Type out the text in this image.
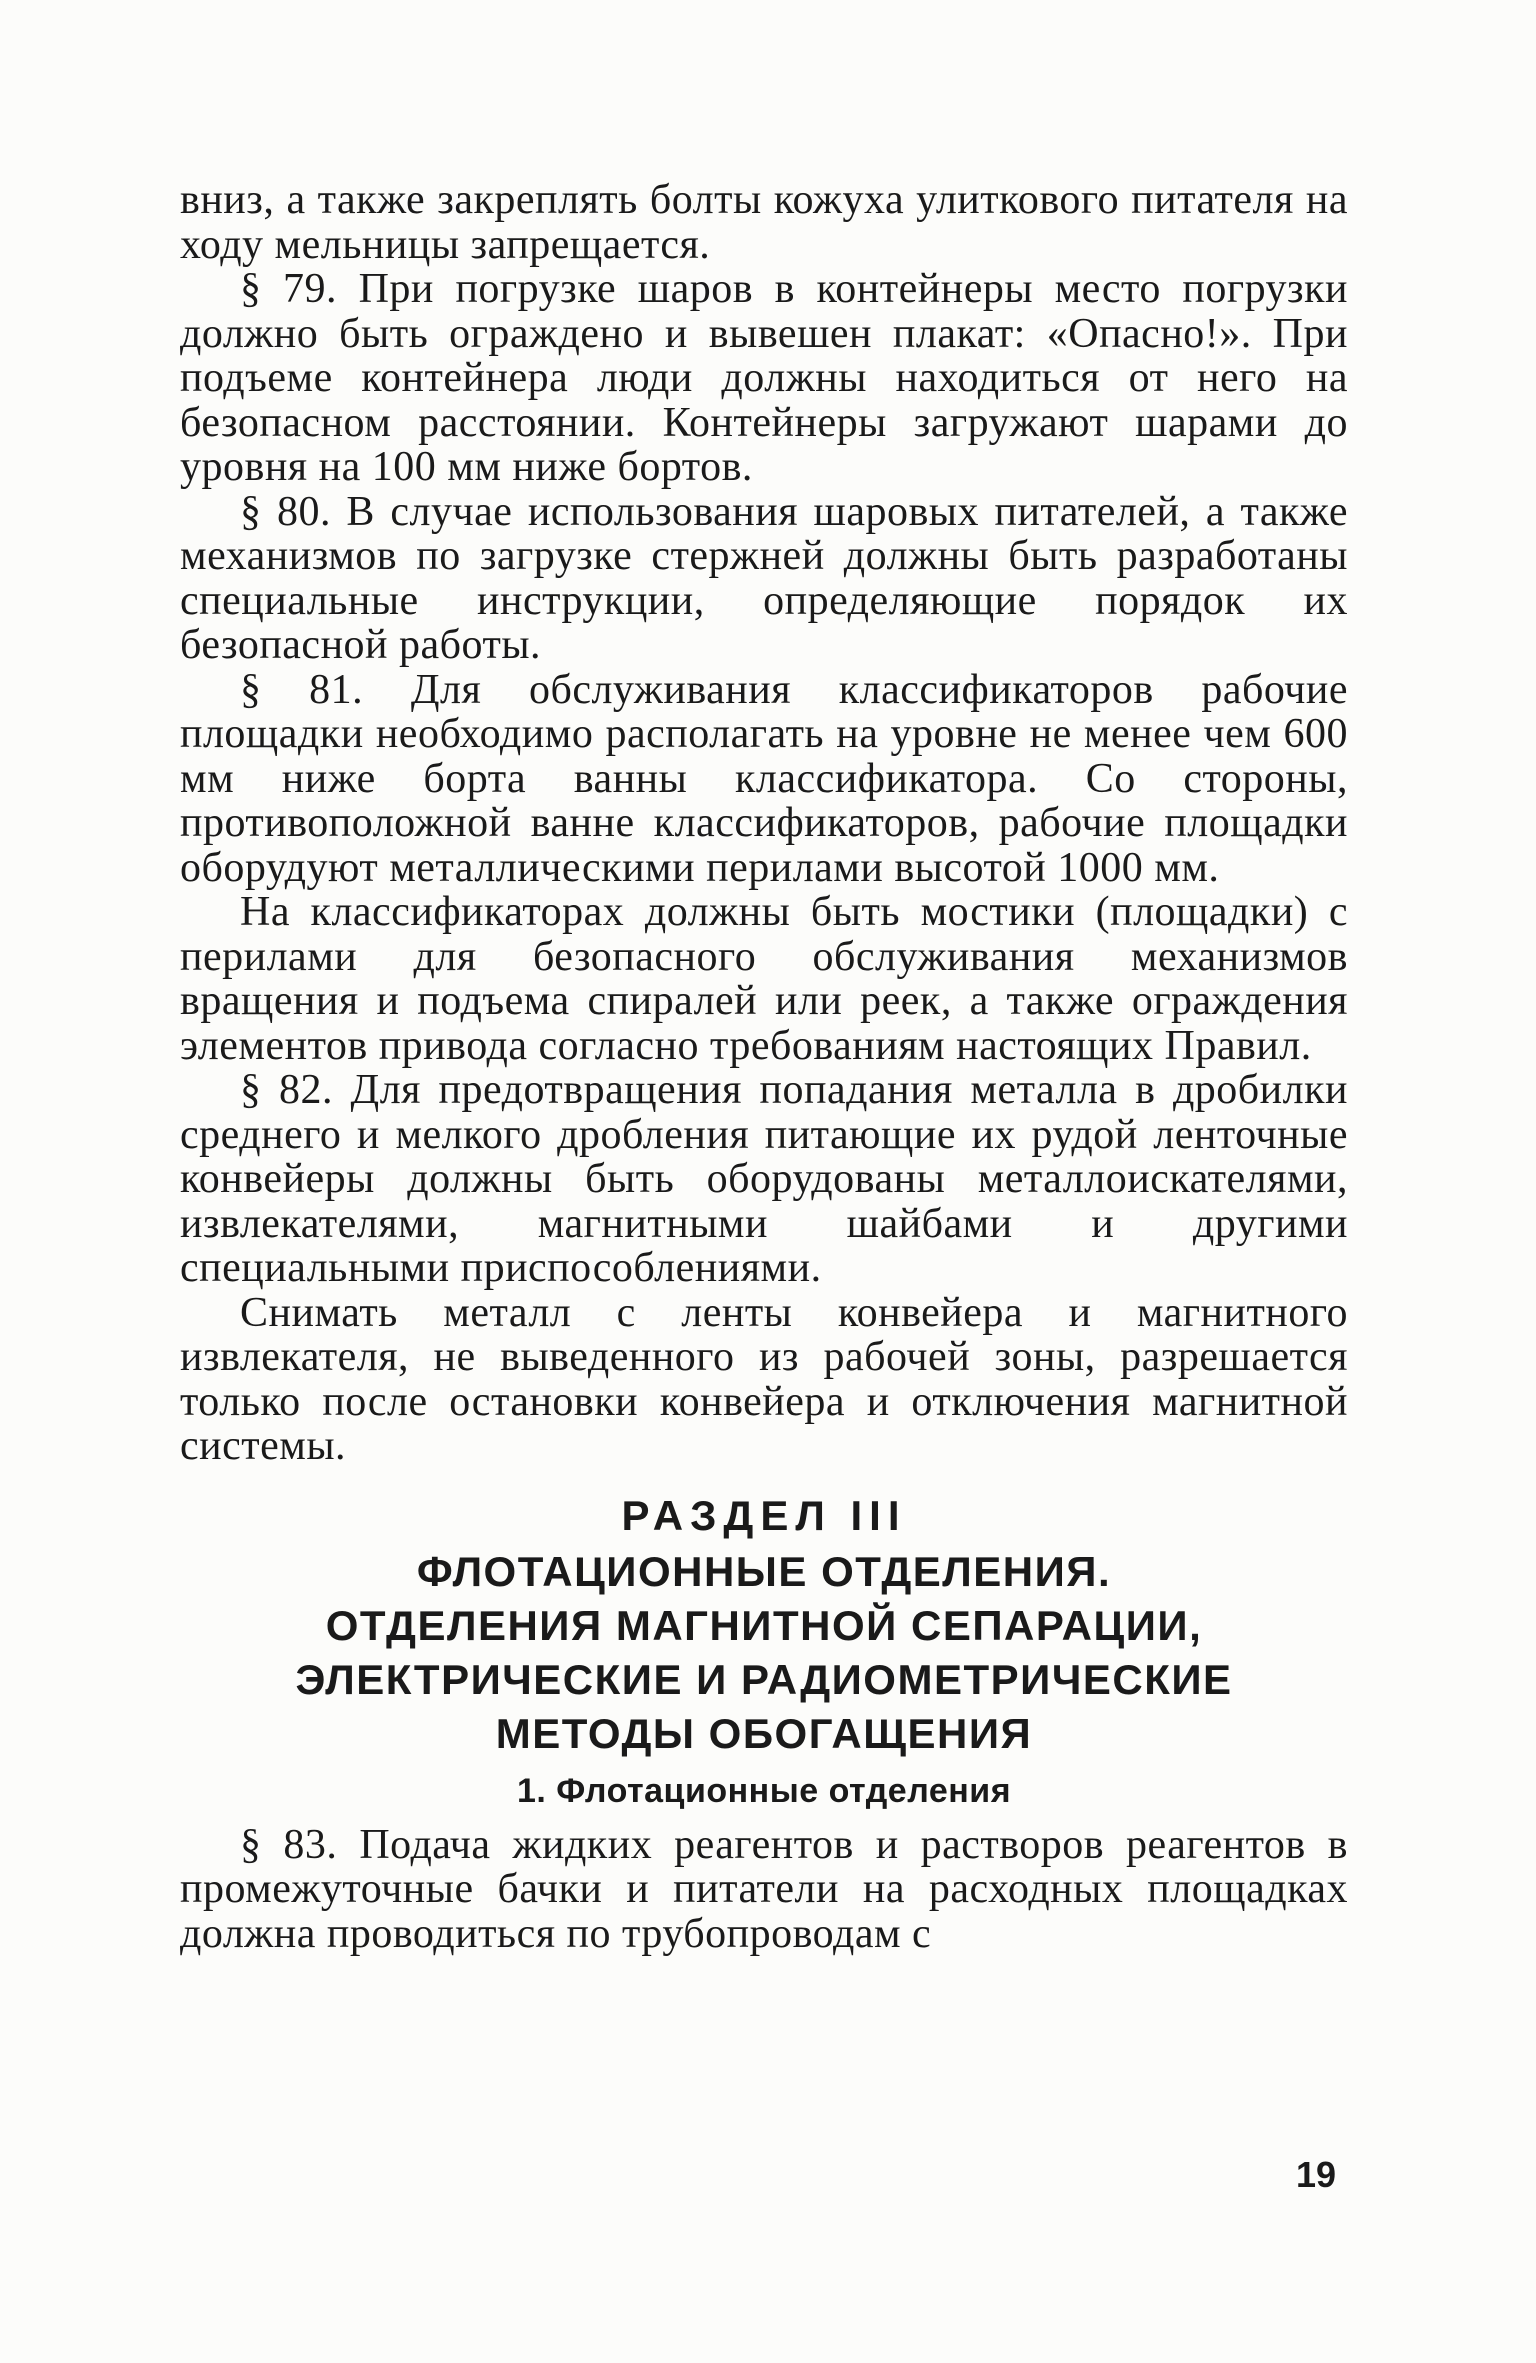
вниз, а также закреплять болты кожуха улиткового питателя на ходу мельницы запрещается.

§ 79. При погрузке шаров в контейнеры место погрузки должно быть ограждено и вывешен плакат: «Опасно!». При подъеме контейнера люди должны находиться от него на безопасном расстоянии. Контейнеры загружают шарами до уровня на 100 мм ниже бортов.

§ 80. В случае использования шаровых питателей, а также механизмов по загрузке стержней должны быть разработаны специальные инструкции, определяющие порядок их безопасной работы.

§ 81. Для обслуживания классификаторов рабочие площадки необходимо располагать на уровне не менее чем 600 мм ниже борта ванны классификатора. Со стороны, противоположной ванне классификаторов, рабочие площадки оборудуют металлическими перилами высотой 1000 мм.

На классификаторах должны быть мостики (площадки) с перилами для безопасного обслуживания механизмов вращения и подъема спиралей или реек, а также ограждения элементов привода согласно требованиям настоящих Правил.

§ 82. Для предотвращения попадания металла в дробилки среднего и мелкого дробления питающие их рудой ленточные конвейеры должны быть оборудованы металлоискателями, извлекателями, магнитными шайбами и другими специальными приспособлениями.

Снимать металл с ленты конвейера и магнитного извлекателя, не выведенного из рабочей зоны, разрешается только после остановки конвейера и отключения магнитной системы.

РАЗДЕЛ III
ФЛОТАЦИОННЫЕ ОТДЕЛЕНИЯ.
ОТДЕЛЕНИЯ МАГНИТНОЙ СЕПАРАЦИИ,
ЭЛЕКТРИЧЕСКИЕ И РАДИОМЕТРИЧЕСКИЕ
МЕТОДЫ ОБОГАЩЕНИЯ
1. Флотационные отделения

§ 83. Подача жидких реагентов и растворов реагентов в промежуточные бачки и питатели на расходных площадках должна проводиться по трубопроводам с

19
